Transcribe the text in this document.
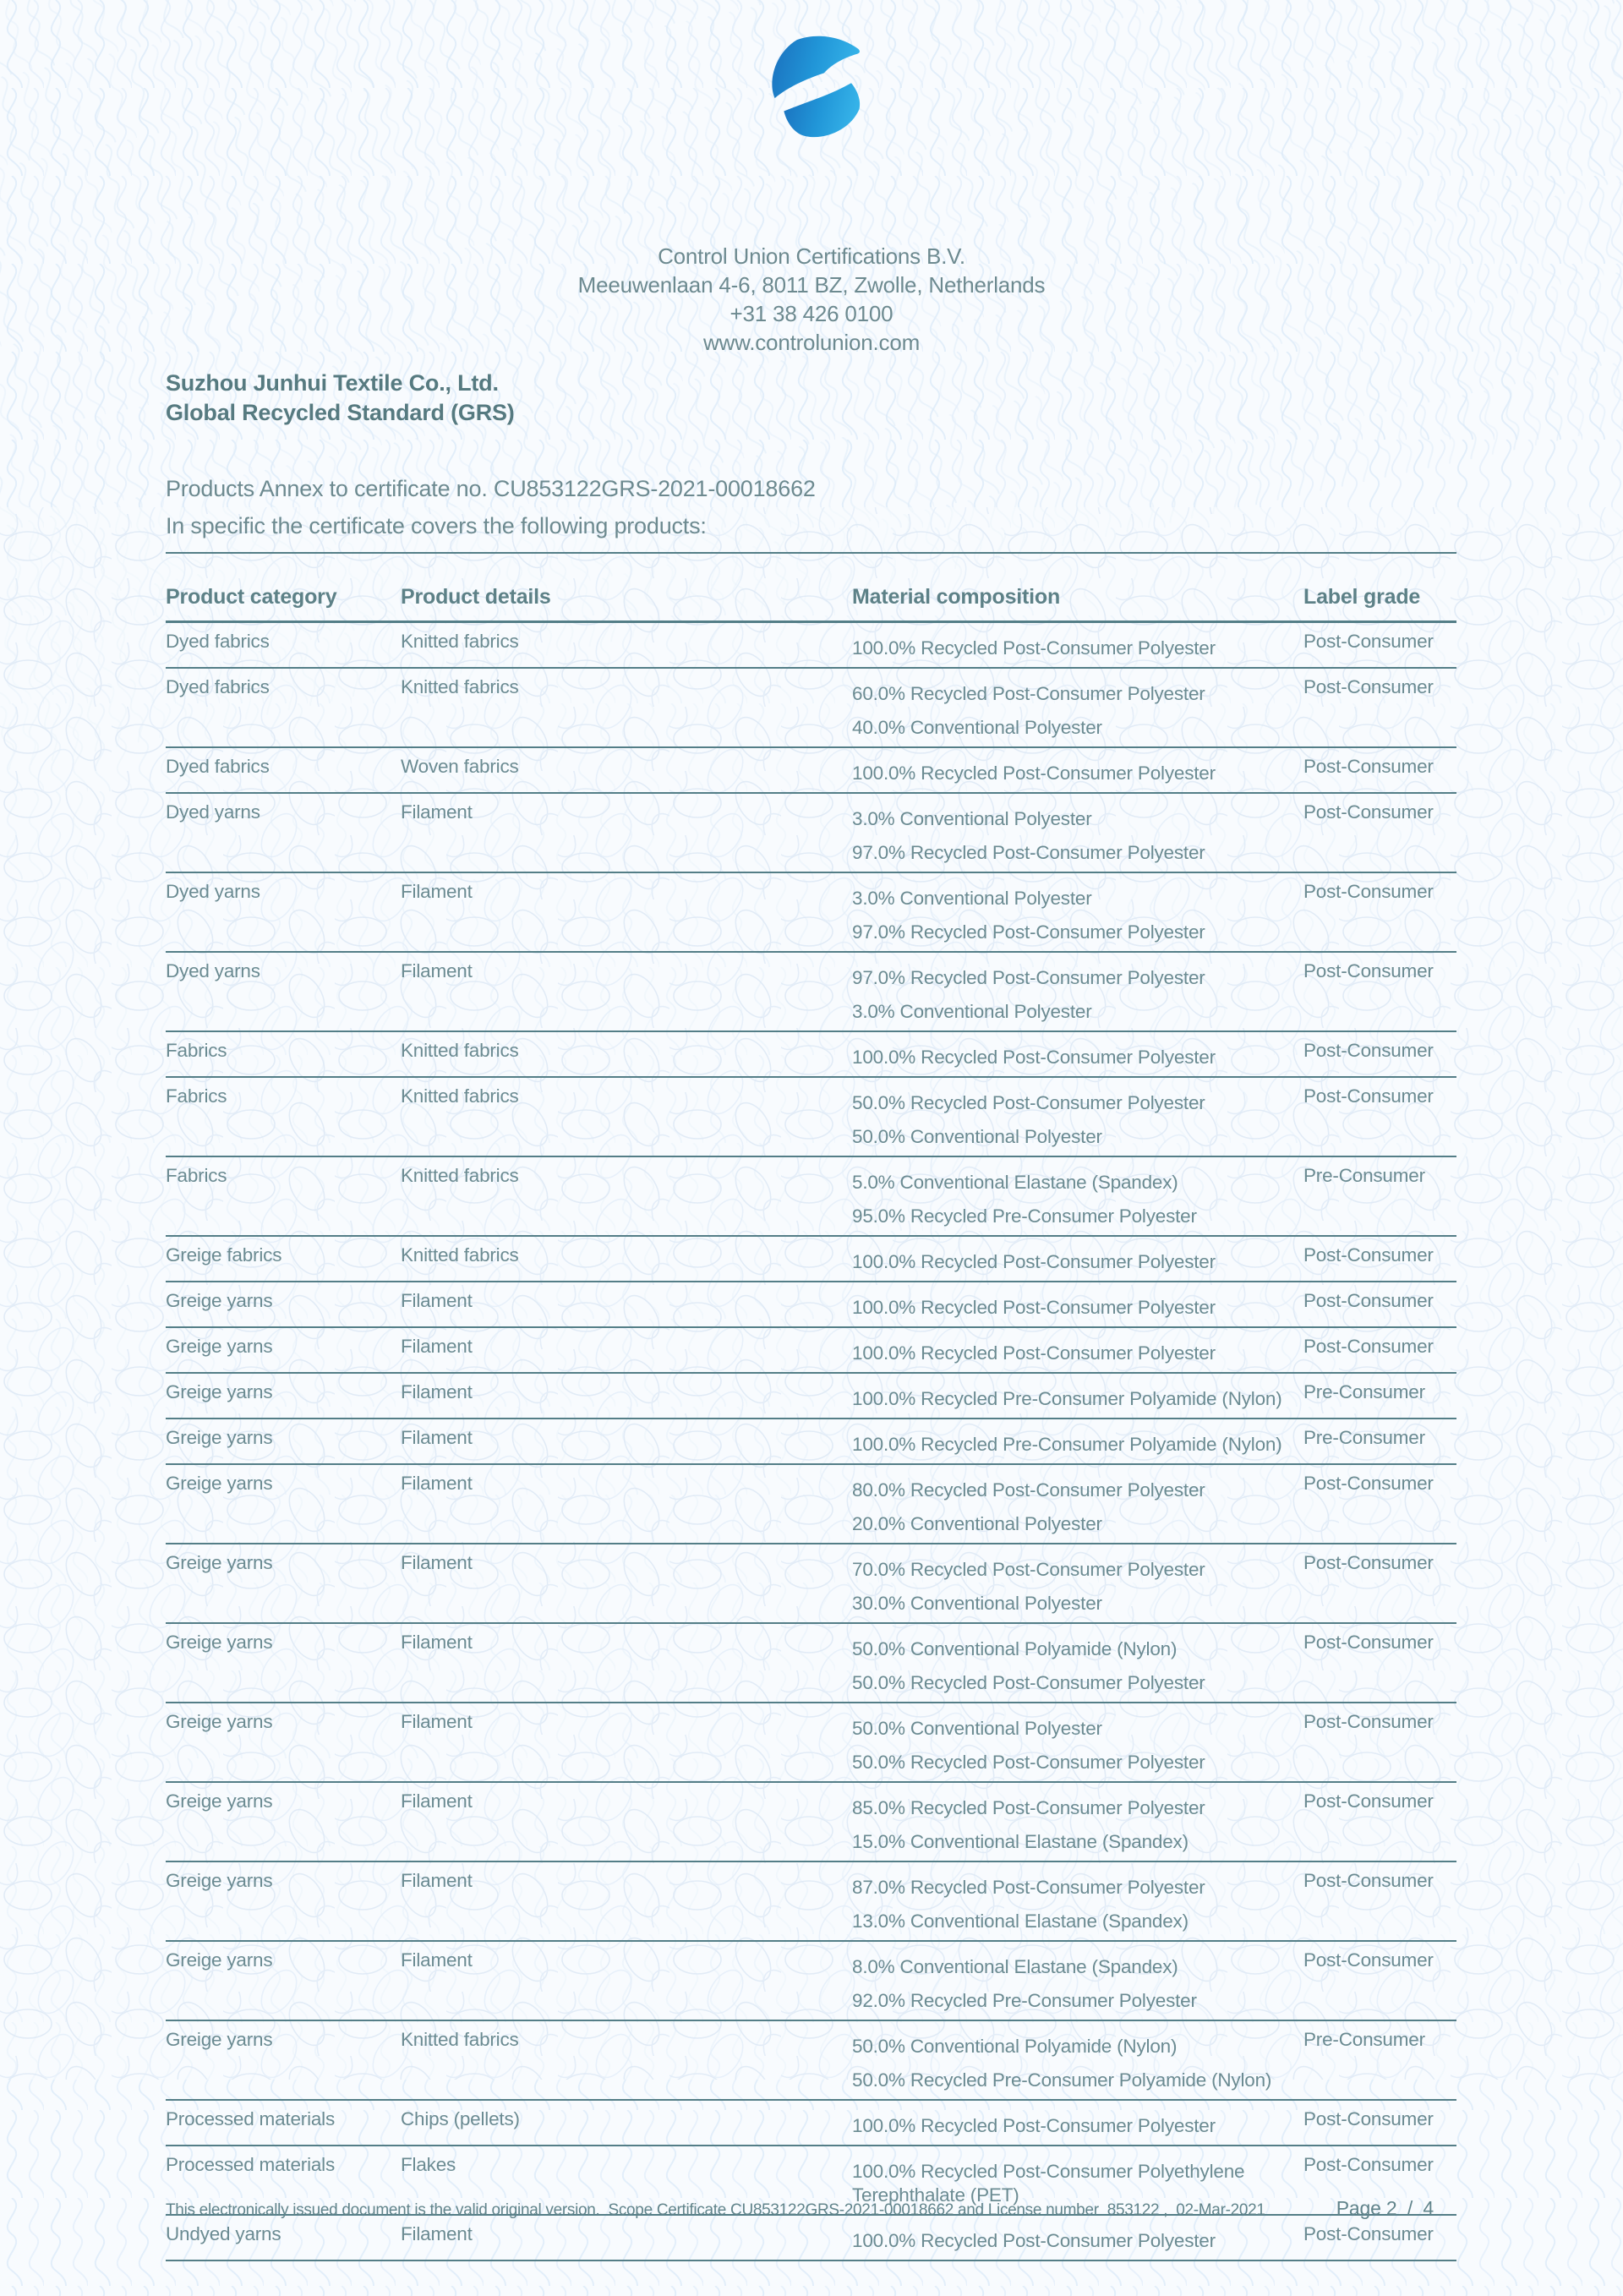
Control Union Certifications B.V.
Meeuwenlaan 4-6, 8011 BZ, Zwolle, Netherlands
+31 38 426 0100
www.controlunion.com
Suzhou Junhui Textile Co., Ltd.
Global Recycled Standard (GRS)
Products Annex to certificate no. CU853122GRS-2021-00018662
In specific the certificate covers the following products:
Product category	Product details	Material composition	Label grade
Dyed fabrics	Knitted fabrics	100.0% Recycled Post-Consumer Polyester	Post-Consumer
Dyed fabrics	Knitted fabrics	60.0% Recycled Post-Consumer Polyester
40.0% Conventional Polyester	Post-Consumer
Dyed fabrics	Woven fabrics	100.0% Recycled Post-Consumer Polyester	Post-Consumer
Dyed yarns	Filament	3.0% Conventional Polyester
97.0% Recycled Post-Consumer Polyester	Post-Consumer
Dyed yarns	Filament	3.0% Conventional Polyester
97.0% Recycled Post-Consumer Polyester	Post-Consumer
Dyed yarns	Filament	97.0% Recycled Post-Consumer Polyester
3.0% Conventional Polyester	Post-Consumer
Fabrics	Knitted fabrics	100.0% Recycled Post-Consumer Polyester	Post-Consumer
Fabrics	Knitted fabrics	50.0% Recycled Post-Consumer Polyester
50.0% Conventional Polyester	Post-Consumer
Fabrics	Knitted fabrics	5.0% Conventional Elastane (Spandex)
95.0% Recycled Pre-Consumer Polyester	Pre-Consumer
Greige fabrics	Knitted fabrics	100.0% Recycled Post-Consumer Polyester	Post-Consumer
Greige yarns	Filament	100.0% Recycled Post-Consumer Polyester	Post-Consumer
Greige yarns	Filament	100.0% Recycled Post-Consumer Polyester	Post-Consumer
Greige yarns	Filament	100.0% Recycled Pre-Consumer Polyamide (Nylon)	Pre-Consumer
Greige yarns	Filament	100.0% Recycled Pre-Consumer Polyamide (Nylon)	Pre-Consumer
Greige yarns	Filament	80.0% Recycled Post-Consumer Polyester
20.0% Conventional Polyester	Post-Consumer
Greige yarns	Filament	70.0% Recycled Post-Consumer Polyester
30.0% Conventional Polyester	Post-Consumer
Greige yarns	Filament	50.0% Conventional Polyamide (Nylon)
50.0% Recycled Post-Consumer Polyester	Post-Consumer
Greige yarns	Filament	50.0% Conventional Polyester
50.0% Recycled Post-Consumer Polyester	Post-Consumer
Greige yarns	Filament	85.0% Recycled Post-Consumer Polyester
15.0% Conventional Elastane (Spandex)	Post-Consumer
Greige yarns	Filament	87.0% Recycled Post-Consumer Polyester
13.0% Conventional Elastane (Spandex)	Post-Consumer
Greige yarns	Filament	8.0% Conventional Elastane (Spandex)
92.0% Recycled Pre-Consumer Polyester	Post-Consumer
Greige yarns	Knitted fabrics	50.0% Conventional Polyamide (Nylon)
50.0% Recycled Pre-Consumer Polyamide (Nylon)	Pre-Consumer
Processed materials	Chips (pellets)	100.0% Recycled Post-Consumer Polyester	Post-Consumer
Processed materials	Flakes	100.0% Recycled Post-Consumer Polyethylene Terephthalate (PET)	Post-Consumer
Undyed yarns	Filament	100.0% Recycled Post-Consumer Polyester	Post-Consumer
This electronically issued document is the valid original version.  Scope Certificate CU853122GRS-2021-00018662 and License number  853122 ,  02-Mar-2021	Page 2  /  4
